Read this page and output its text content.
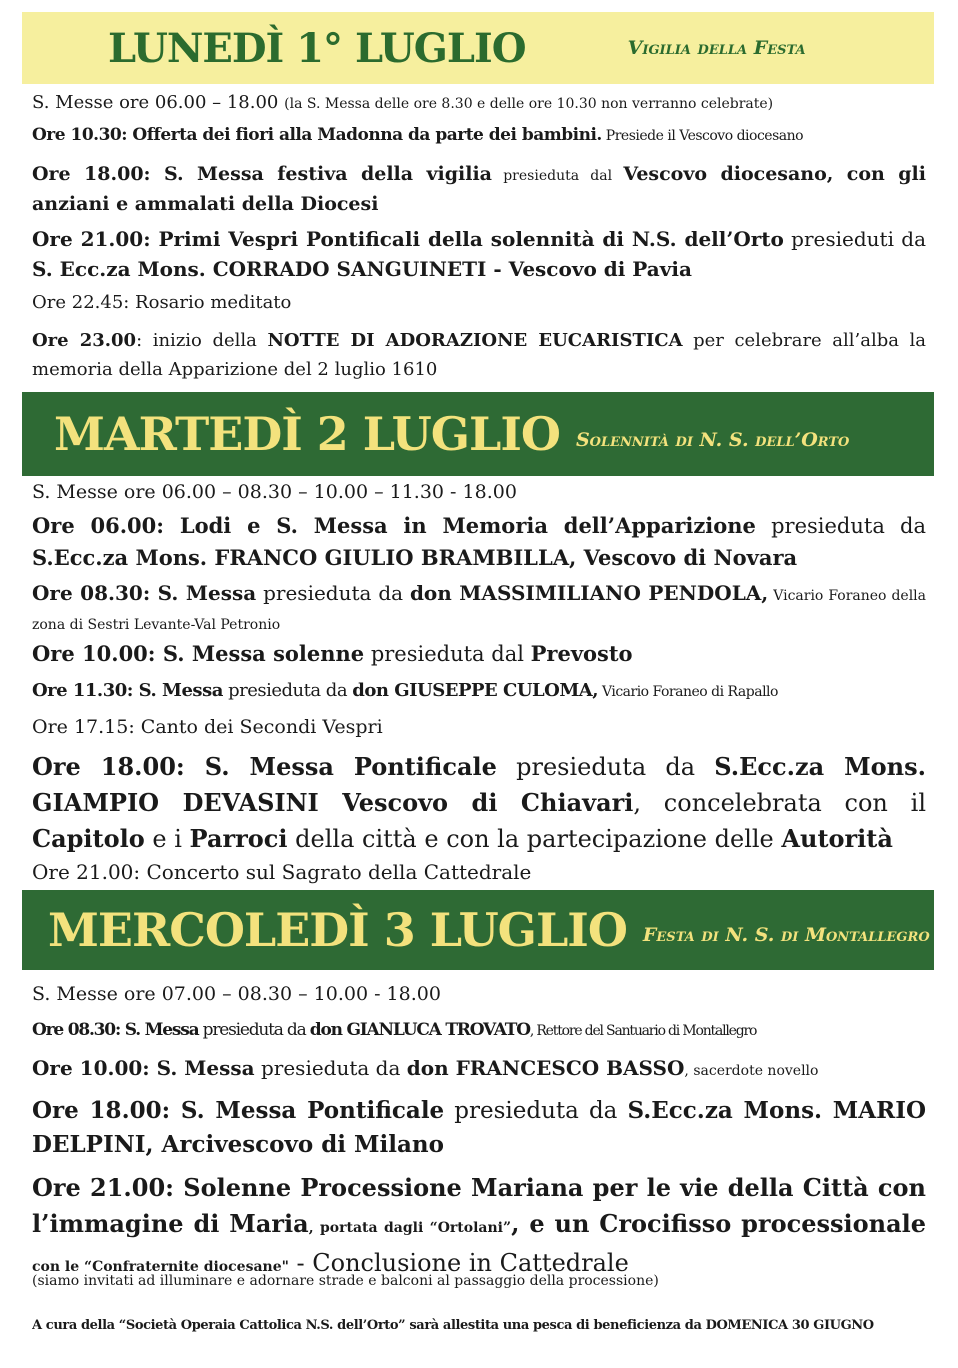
LUNEDÌ 1° LUGLIO	Vigilia della Festa
S. Messe ore 06.00 – 18.00 (la S. Messa delle ore 8.30 e delle ore 10.30 non verranno celebrate)
Ore 10.30: Offerta dei fiori alla Madonna da parte dei bambini. Presiede il Vescovo diocesano
Ore 18.00: S. Messa festiva della vigilia presieduta dal Vescovo diocesano, con gli anziani e ammalati della Diocesi
Ore 21.00: Primi Vespri Pontificali della solennità di N.S. dell’Orto presieduti da S. Ecc.za Mons. CORRADO SANGUINETI - Vescovo di Pavia
Ore 22.45: Rosario meditato
Ore 23.00: inizio della NOTTE DI ADORAZIONE EUCARISTICA per celebrare all’alba la memoria della Apparizione del 2 luglio 1610
MARTEDÌ 2 LUGLIO Solennità di N. S. dell’Orto
S. Messe ore 06.00 – 08.30 – 10.00 – 11.30 - 18.00
Ore 06.00: Lodi e S. Messa in Memoria dell’Apparizione presieduta da S.Ecc.za Mons. FRANCO GIULIO BRAMBILLA, Vescovo di Novara
Ore 08.30: S. Messa presieduta da don MASSIMILIANO PENDOLA, Vicario Foraneo della zona di Sestri Levante-Val Petronio
Ore 10.00: S. Messa solenne presieduta dal Prevosto
Ore 11.30: S. Messa presieduta da don GIUSEPPE CULOMA, Vicario Foraneo di Rapallo
Ore 17.15: Canto dei Secondi Vespri
Ore 18.00: S. Messa Pontificale presieduta da S.Ecc.za Mons. GIAMPIO DEVASINI Vescovo di Chiavari, concelebrata con il Capitolo e i Parroci della città e con la partecipazione delle Autorità
Ore 21.00: Concerto sul Sagrato della Cattedrale
MERCOLEDÌ 3 LUGLIO Festa di N. S. di Montallegro
S. Messe ore 07.00 – 08.30 – 10.00 - 18.00
Ore 08.30: S. Messa presieduta da don GIANLUCA TROVATO, Rettore del Santuario di Montallegro
Ore 10.00: S. Messa presieduta da don FRANCESCO BASSO, sacerdote novello
Ore 18.00: S. Messa Pontificale presieduta da S.Ecc.za Mons. MARIO DELPINI, Arcivescovo di Milano
Ore 21.00: Solenne Processione Mariana per le vie della Città con l’immagine di Maria, portata dagli “Ortolani”, e un Crocifisso processionale con le “Confraternite diocesane" - Conclusione in Cattedrale
(siamo invitati ad illuminare e adornare strade e balconi al passaggio della processione)
A cura della “Società Operaia Cattolica N.S. dell’Orto” sarà allestita una pesca di beneficienza da DOMENICA 30 GIUGNO
